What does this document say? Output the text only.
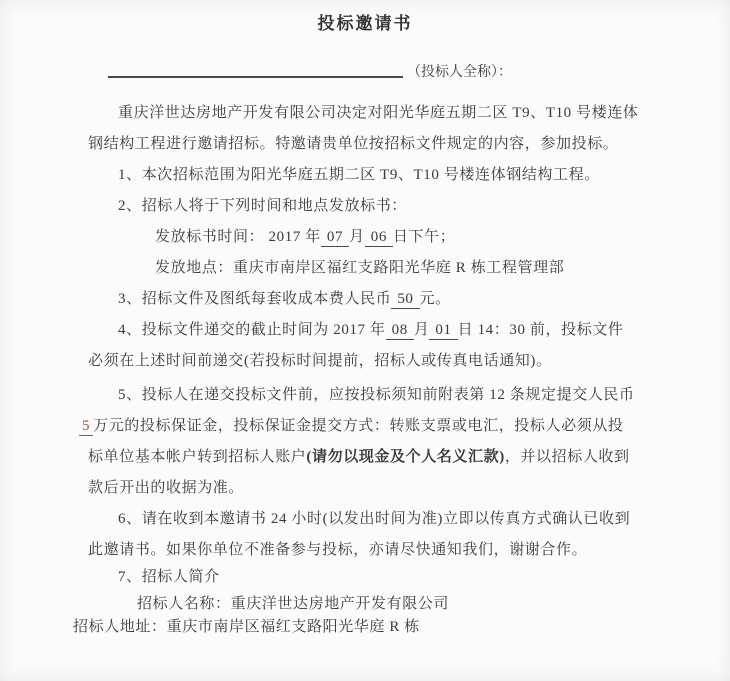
投标邀请书
（投标人全称）：

重庆洋世达房地产开发有限公司决定对阳光华庭五期二区 T9、T10 号楼连体

钢结构工程进行邀请招标。特邀请贵单位按招标文件规定的内容，参加投标。

1、本次招标范围为阳光华庭五期二区 T9、T10 号楼连体钢结构工程。

2、招标人将于下列时间和地点发放标书：

发放标书时间： 2017 年 07 月 06 日下午；

发放地点：重庆市南岸区福红支路阳光华庭 R 栋工程管理部

3、招标文件及图纸每套收成本费人民币 50 元。

4、投标文件递交的截止时间为 2017 年 08 月 01 日 14：30 前，投标文件

必须在上述时间前递交(若投标时间提前，招标人或传真电话通知)。

5、投标人在递交投标文件前，应按投标须知前附表第 12 条规定提交人民币

5 万元的投标保证金，投标保证金提交方式：转账支票或电汇，投标人必须从投

标单位基本帐户转到招标人账户(请勿以现金及个人名义汇款)，并以招标人收到

款后开出的收据为准。

6、请在收到本邀请书 24 小时(以发出时间为准)立即以传真方式确认已收到

此邀请书。如果你单位不准备参与投标，亦请尽快通知我们，谢谢合作。

7、招标人简介

招标人名称：重庆洋世达房地产开发有限公司

招标人地址：重庆市南岸区福红支路阳光华庭 R 栋
